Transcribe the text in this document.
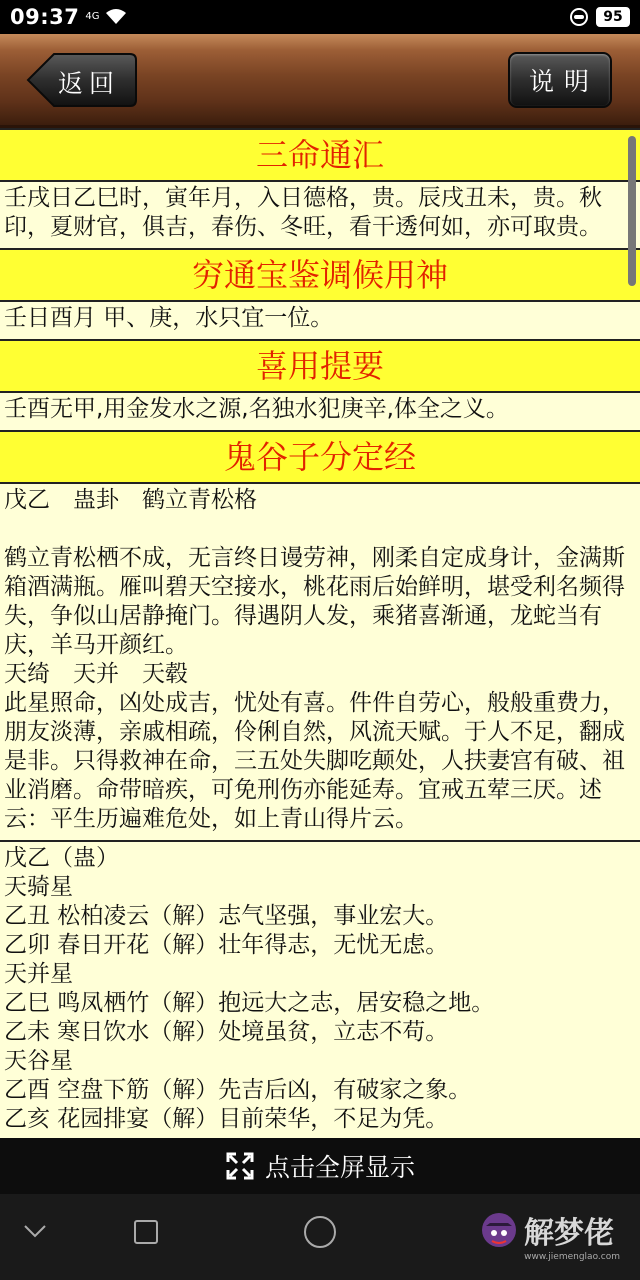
09:37 4G	95
返回	说明
三命通汇
壬戌日乙巳时，寅年月，入日德格，贵。辰戌丑未，贵。秋印，夏财官，俱吉，春伤、冬旺，看干透何如，亦可取贵。
穷通宝鉴调候用神
壬日酉月 甲、庚，水只宜一位。
喜用提要
壬酉无甲,用金发水之源,名独水犯庚辛,体全之义。
鬼谷子分定经
戊乙　蛊卦　鹤立青松格

鹤立青松栖不成，无言终日谩劳神，刚柔自定成身计，金满斯箱酒满瓶。雁叫碧天空接水，桃花雨后始鲜明，堪受利名频得失，争似山居静掩门。得遇阴人发，乘猪喜渐通，龙蛇当有庆，羊马开颜红。
天绮　天并　天毂
此星照命，凶处成吉，忧处有喜。件件自劳心，般般重费力，朋友淡薄，亲戚相疏，伶俐自然，风流天赋。于人不足，翻成是非。只得救神在命，三五处失脚吃颠处，人扶妻宫有破、祖业消磨。命带暗疾，可免刑伤亦能延寿。宜戒五荤三厌。述云：平生历遍难危处，如上青山得片云。
戊乙（蛊）
天骑星
乙丑 松柏凌云（解）志气坚强，事业宏大。
乙卯 春日开花（解）壮年得志，无忧无虑。
天并星
乙巳 鸣凤栖竹（解）抱远大之志，居安稳之地。
乙未 寒日饮水（解）处境虽贫，立志不苟。
天谷星
乙酉 空盘下筋（解）先吉后凶，有破家之象。
乙亥 花园排宴（解）目前荣华，不足为凭。
点击全屏显示
解梦佬
www.jiemenglao.com
